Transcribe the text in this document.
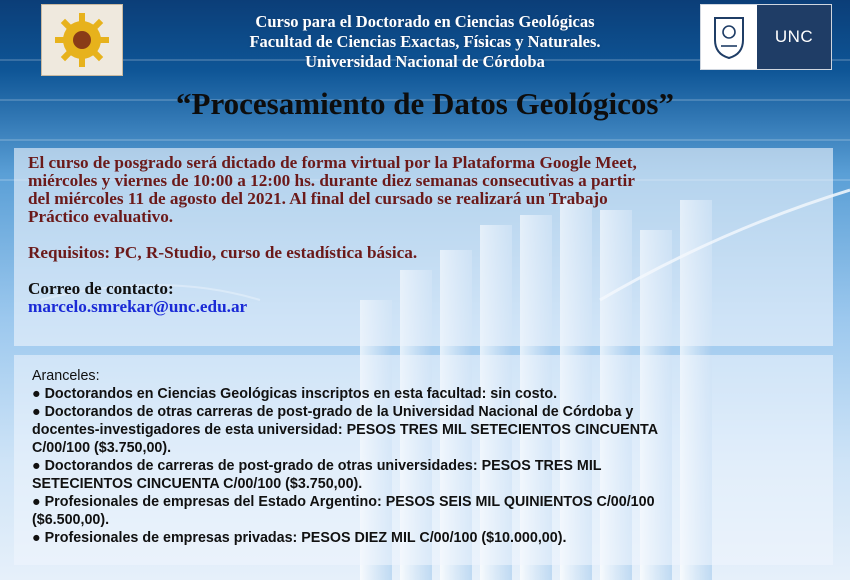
Curso para el Doctorado en Ciencias Geológicas
Facultad de Ciencias Exactas, Físicas y Naturales.
Universidad Nacional de Córdoba
UNC
“Procesamiento de Datos Geológicos”
El curso de posgrado será dictado de forma virtual por la Plataforma Google Meet,
miércoles y viernes de 10:00 a 12:00 hs. durante diez semanas consecutivas a partir
del miércoles 11 de agosto del 2021. Al final del cursado se realizará un Trabajo
Práctico evaluativo.
Requisitos: PC, R-Studio, curso de estadística básica.
Correo de contacto:
marcelo.smrekar@unc.edu.ar
Aranceles:
● Doctorandos en Ciencias Geológicas inscriptos en esta facultad: sin costo.
● Doctorandos de otras carreras de post-grado de la Universidad Nacional de Córdoba y
docentes-investigadores de esta universidad: PESOS TRES MIL SETECIENTOS CINCUENTA
C/00/100 ($3.750,00).
● Doctorandos de carreras de post-grado de otras universidades: PESOS TRES MIL
SETECIENTOS CINCUENTA C/00/100 ($3.750,00).
● Profesionales de empresas del Estado Argentino: PESOS SEIS MIL QUINIENTOS C/00/100
($6.500,00).
● Profesionales de empresas privadas: PESOS DIEZ MIL C/00/100 ($10.000,00).
